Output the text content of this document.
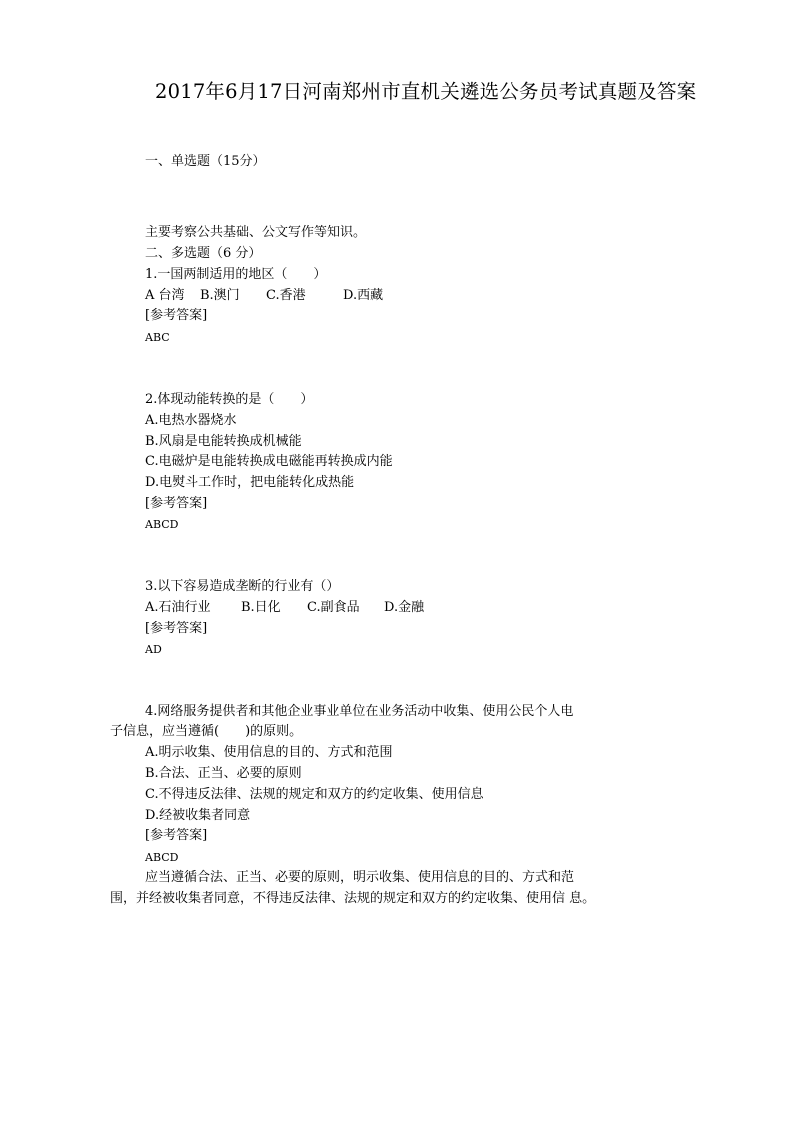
2017年6月17日河南郑州市直机关遴选公务员考试真题及答案
一、单选题（15分）
主要考察公共基础、公文写作等知识。
二、多选题（6 分）
1.一国两制适用的地区（　　）
A 台湾 B.澳门 C.香港	D.西藏
[参考答案]
ABC
2.体现动能转换的是（　　）
A.电热水器烧水
B.风扇是电能转换成机械能
C.电磁炉是电能转换成电磁能再转换成内能
D.电熨斗工作时，把电能转化成热能
[参考答案]
ABCD
3.以下容易造成垄断的行业有（）
A.石油行业 B.日化 C.副食品 D.金融
[参考答案]
AD
4.网络服务提供者和其他企业事业单位在业务活动中收集、使用公民个人电
子信息，应当遵循(　　)的原则。
A.明示收集、使用信息的目的、方式和范围
B.合法、正当、必要的原则
C.不得违反法律、法规的规定和双方的约定收集、使用信息
D.经被收集者同意
[参考答案]
ABCD
应当遵循合法、正当、必要的原则，明示收集、使用信息的目的、方式和范
围，并经被收集者同意，不得违反法律、法规的规定和双方的约定收集、使用信 息。
